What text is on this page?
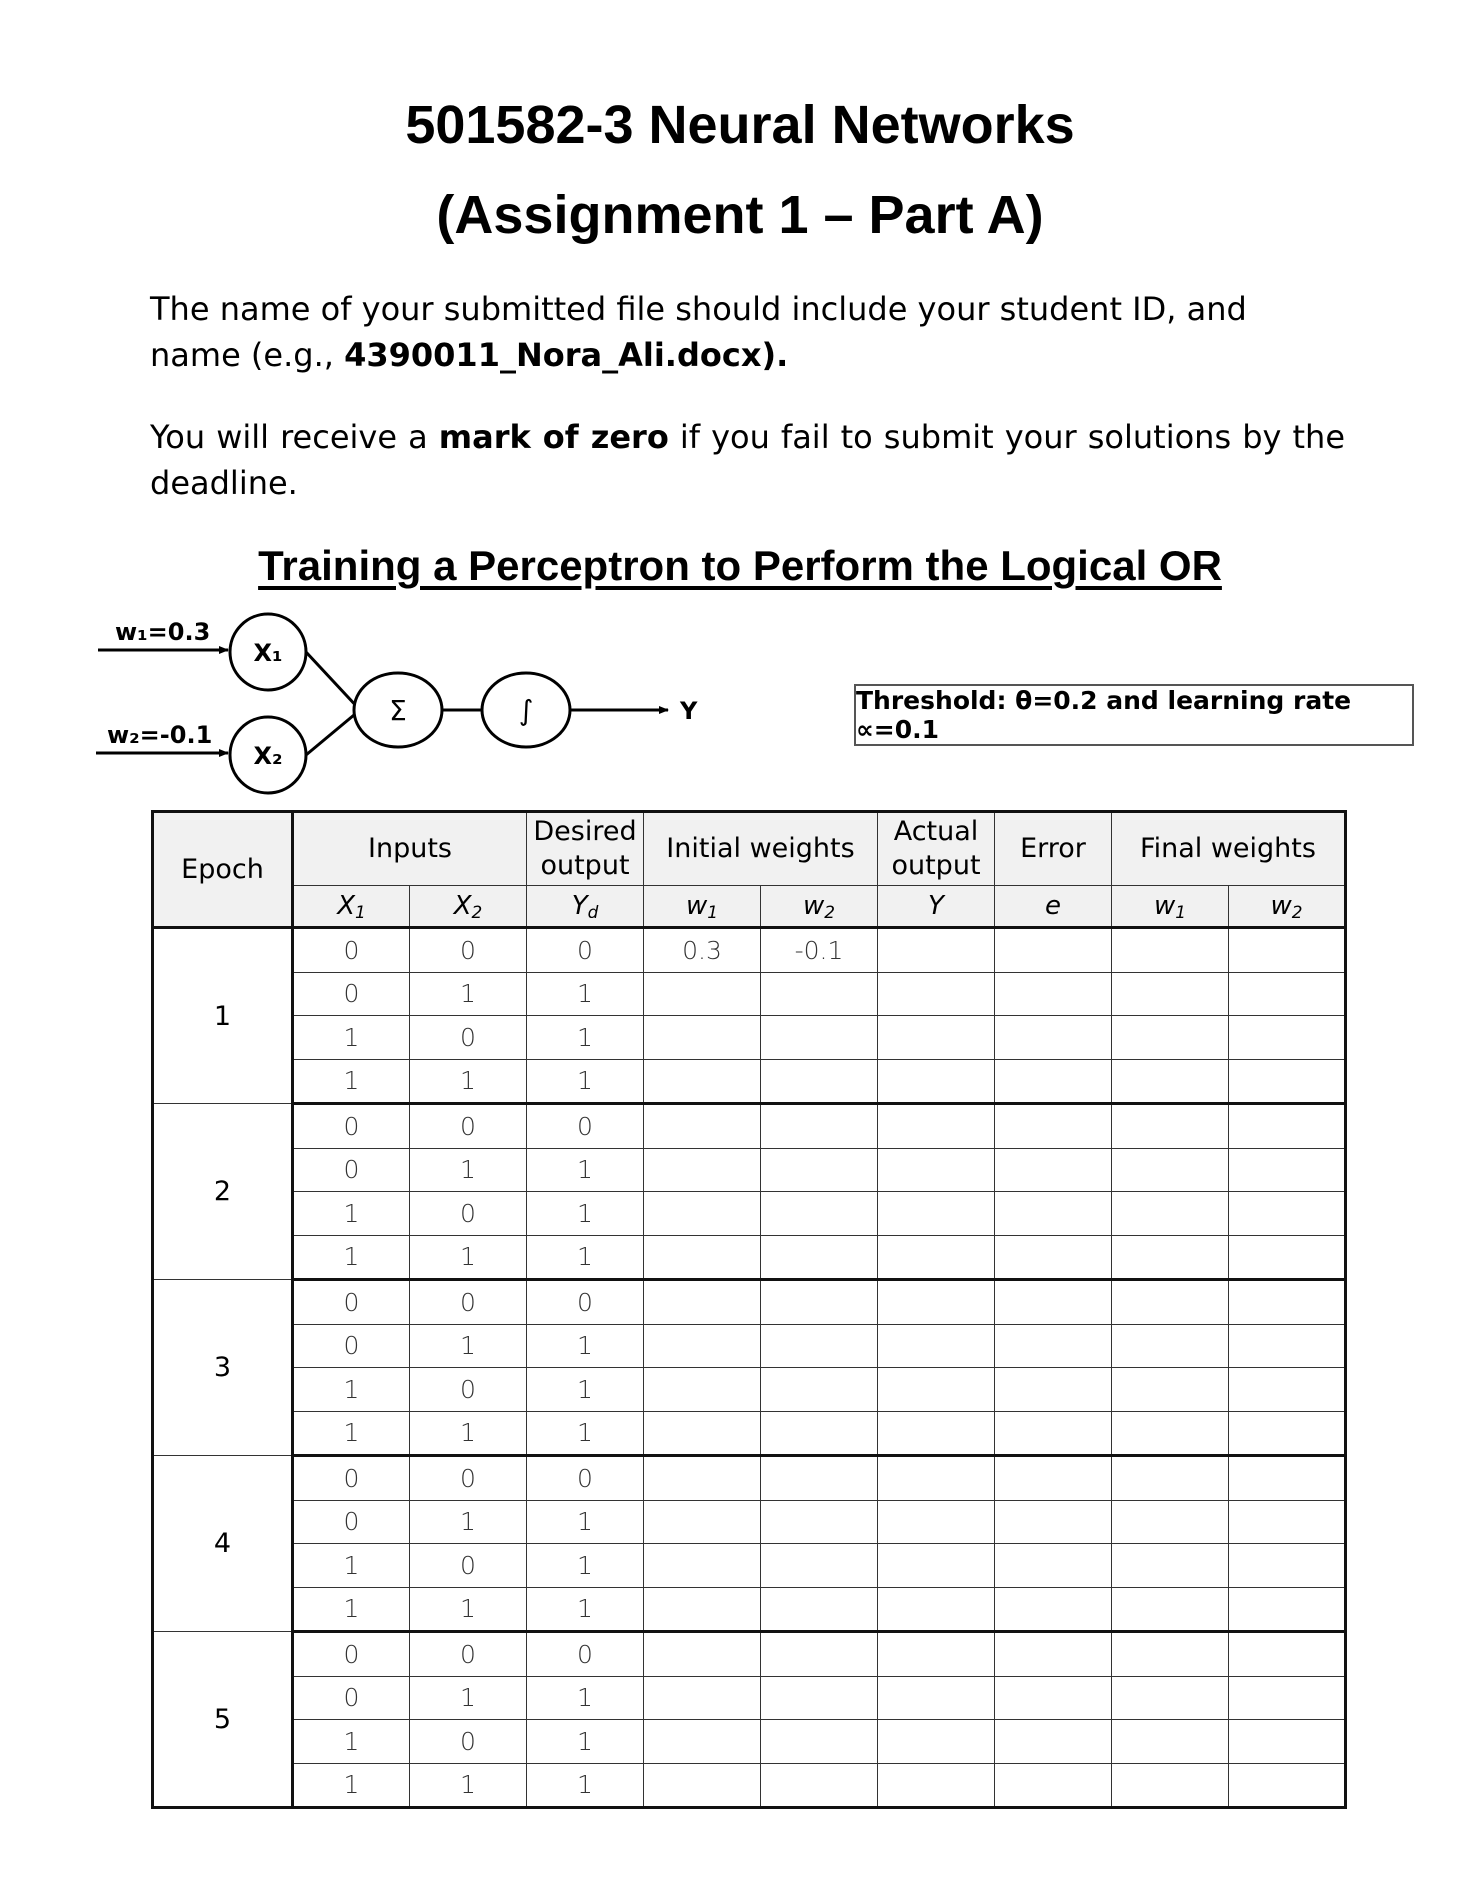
501582-3 Neural Networks
(Assignment 1 – Part A)
The name of your submitted file should include your student ID, and name (e.g., 4390011_Nora_Ali.docx).
You will receive a mark of zero if you fail to submit your solutions by the deadline.
Training a Perceptron to Perform the Logical OR
w₁=0.3
w₂=-0.1
X₁
X₂
Σ	∫	Y	Threshold: θ=0.2 and learning rate ∝=0.1
Epoch	Inputs		Desired output	Initial weights		Actual output	Error	Final weights	
	$X_1$	$X_2$	$Y_d$	$w_1$	$w_2$	Y	e	$w_1$	$w_2$
1	0	0	0	0.3	-0.1				
	0	1	1						
	1	0	1						
	1	1	1						
2	0	0	0						
	0	1	1						
	1	0	1						
	1	1	1						
3	0	0	0						
	0	1	1						
	1	0	1						
	1	1	1						
4	0	0	0						
	0	1	1						
	1	0	1						
	1	1	1						
5	0	0	0						
	0	1	1						
	1	0	1						
	1	1	1						
